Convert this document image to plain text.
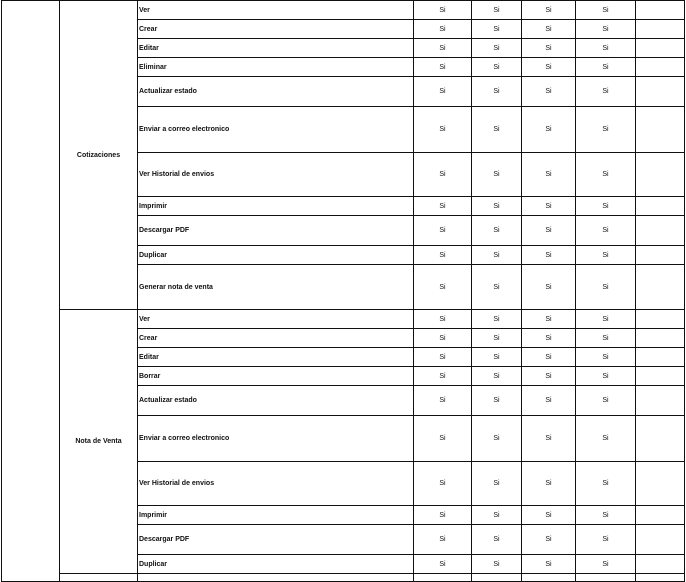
	Cotizaciones	Ver	Si	Si	Si	Si	
		Crear	Si	Si	Si	Si	
		Editar	Si	Si	Si	Si	
		Eliminar	Si	Si	Si	Si	
		Actualizar estado	Si	Si	Si	Si	
		Enviar a correo electronico	Si	Si	Si	Si	
		Ver Historial de envios	Si	Si	Si	Si	
		Imprimir	Si	Si	Si	Si	
		Descargar PDF	Si	Si	Si	Si	
		Duplicar	Si	Si	Si	Si	
		Generar nota de venta	Si	Si	Si	Si	
	Nota de Venta	Ver	Si	Si	Si	Si	
		Crear	Si	Si	Si	Si	
		Editar	Si	Si	Si	Si	
		Borrar	Si	Si	Si	Si	
		Actualizar estado	Si	Si	Si	Si	
		Enviar a correo electronico	Si	Si	Si	Si	
		Ver Historial de envios	Si	Si	Si	Si	
		Imprimir	Si	Si	Si	Si	
		Descargar PDF	Si	Si	Si	Si	
		Duplicar	Si	Si	Si	Si	
